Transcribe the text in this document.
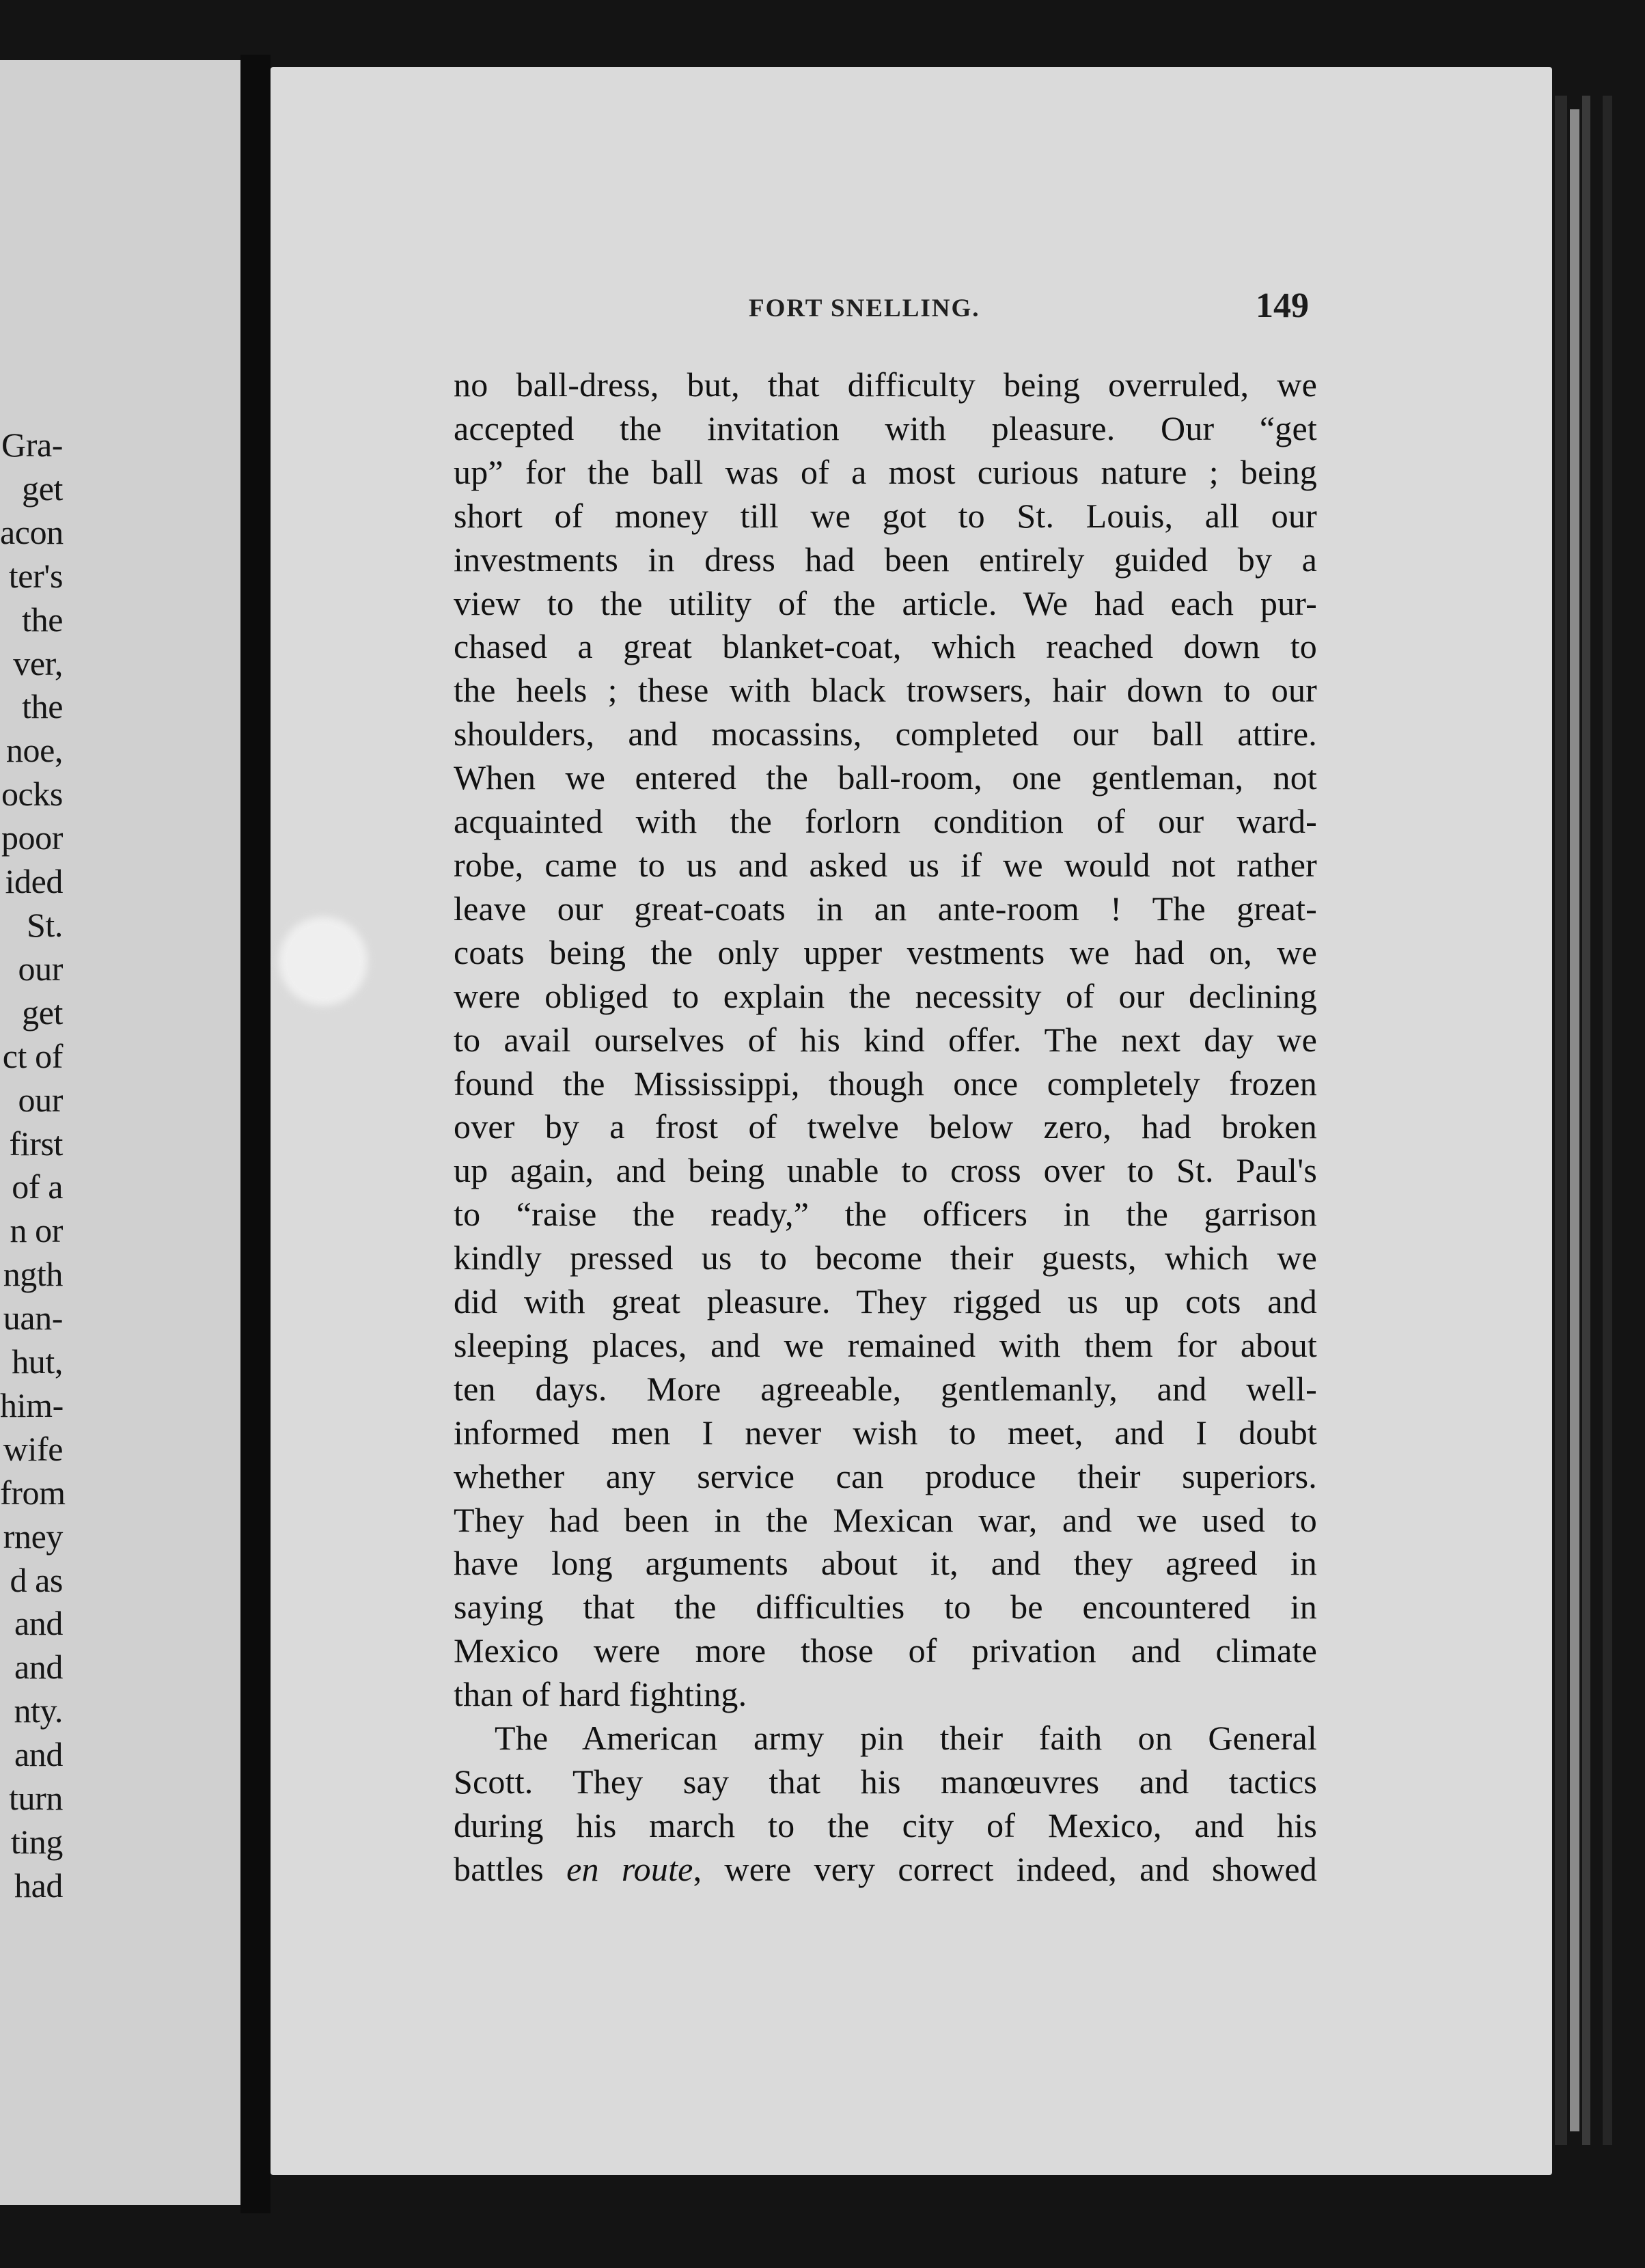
Gra-
get
acon
ter's
the
ver,
the
noe,
ocks
poor
ided
St.
our
get
ct of
our
first
of a
n or
ngth
uan-
hut,
him-
wife
from
rney
d as
and
and
nty.
and
turn
ting
had
FORT SNELLING.	149

no ball-dress, but, that difficulty being overruled, we

accepted the invitation with pleasure. Our “get

up” for the ball was of a most curious nature ; being

short of money till we got to St. Louis, all our

investments in dress had been entirely guided by a

view to the utility of the article. We had each pur-

chased a great blanket-coat, which reached down to

the heels ; these with black trowsers, hair down to our

shoulders, and mocassins, completed our ball attire.

When we entered the ball-room, one gentleman, not

acquainted with the forlorn condition of our ward-

robe, came to us and asked us if we would not rather

leave our great-coats in an ante-room ! The great-

coats being the only upper vestments we had on, we

were obliged to explain the necessity of our declining

to avail ourselves of his kind offer. The next day we

found the Mississippi, though once completely frozen

over by a frost of twelve below zero, had broken

up again, and being unable to cross over to St. Paul's

to “raise the ready,” the officers in the garrison

kindly pressed us to become their guests, which we

did with great pleasure. They rigged us up cots and

sleeping places, and we remained with them for about

ten days. More agreeable, gentlemanly, and well-

informed men I never wish to meet, and I doubt

whether any service can produce their superiors.

They had been in the Mexican war, and we used to

have long arguments about it, and they agreed in

saying that the difficulties to be encountered in

Mexico were more those of privation and climate

than of hard fighting.

The American army pin their faith on General

Scott. They say that his manœuvres and tactics

during his march to the city of Mexico, and his

battles en route, were very correct indeed, and showed
